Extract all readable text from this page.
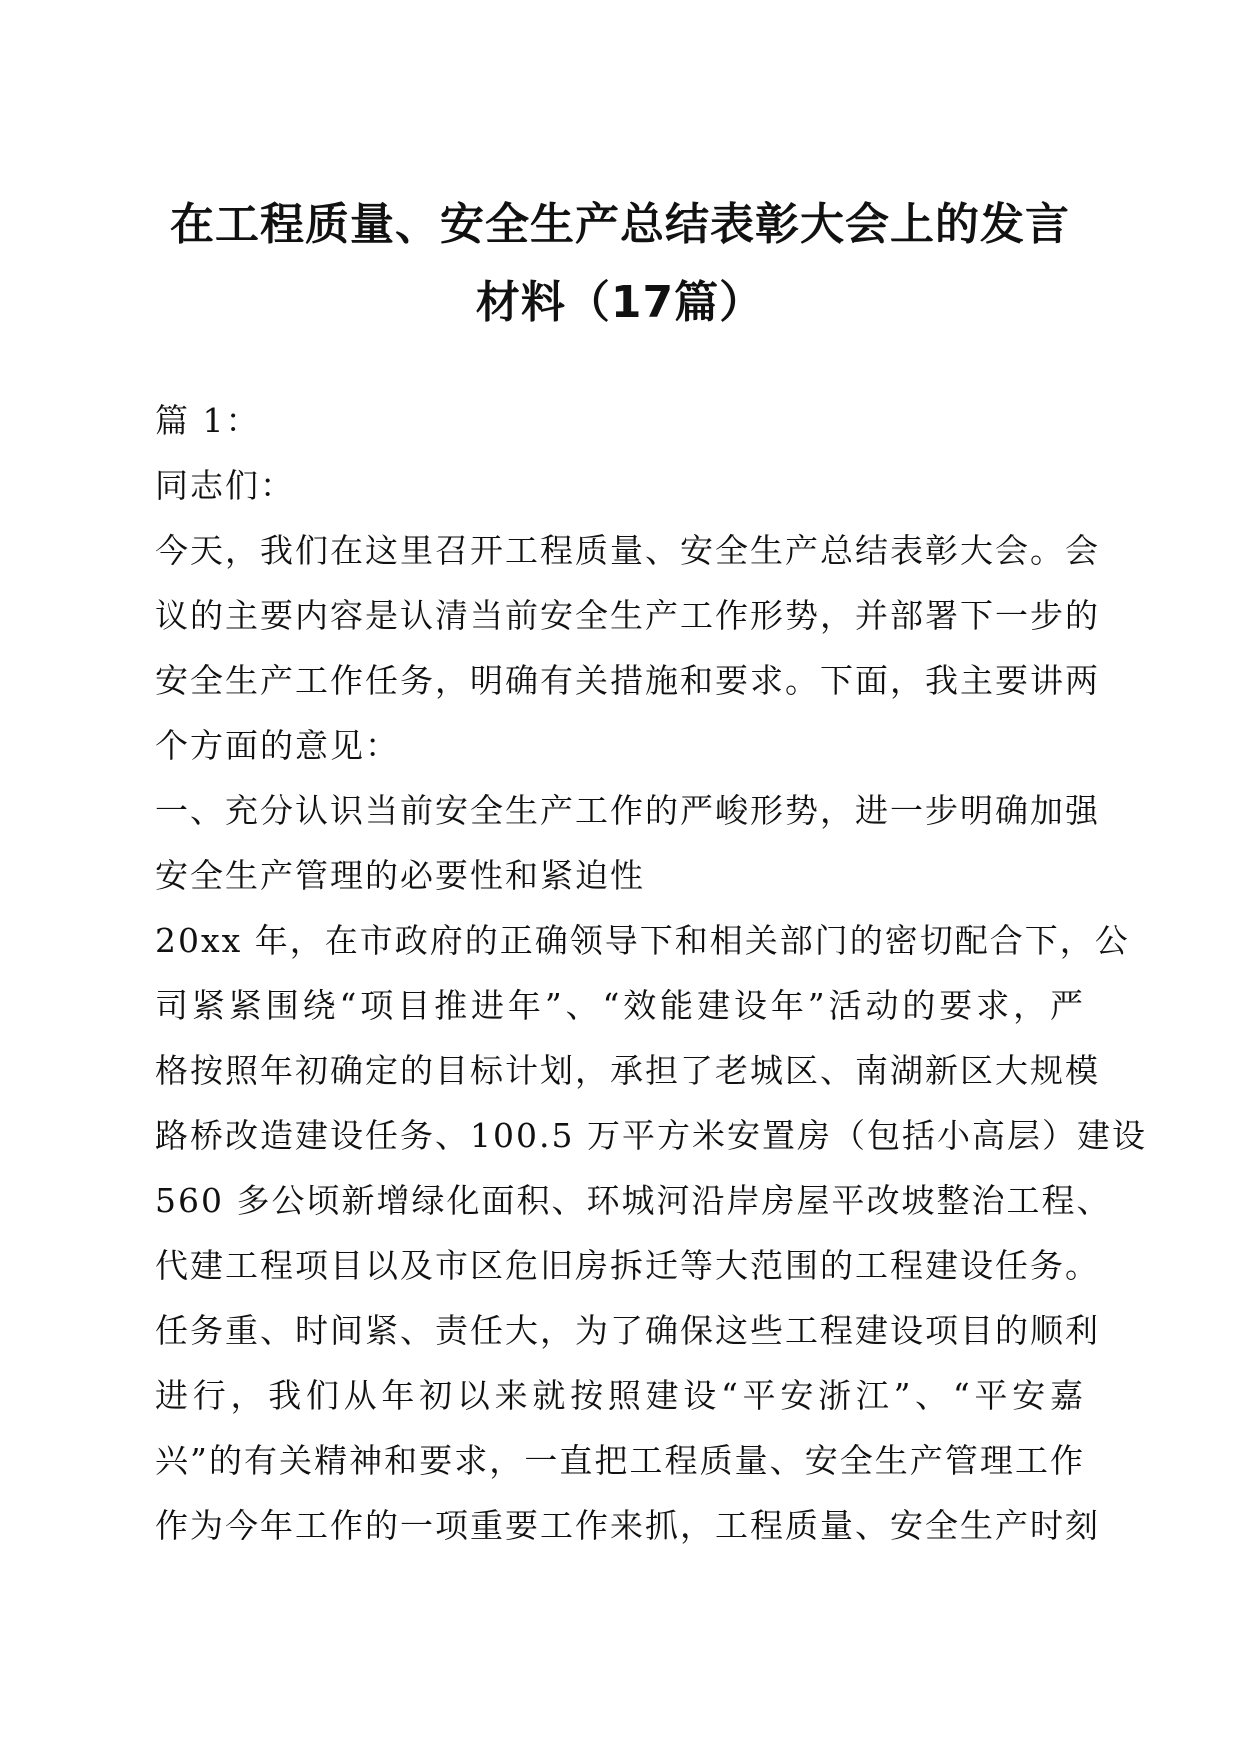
在工程质量、安全生产总结表彰大会上的发言
材料（17篇）
篇 1：
同志们：
今天，我们在这里召开工程质量、安全生产总结表彰大会。会
议的主要内容是认清当前安全生产工作形势，并部署下一步的
安全生产工作任务，明确有关措施和要求。下面，我主要讲两
个方面的意见：
一、充分认识当前安全生产工作的严峻形势，进一步明确加强
安全生产管理的必要性和紧迫性
20xx 年，在市政府的正确领导下和相关部门的密切配合下，公
司紧紧围绕“项目推进年”、“效能建设年”活动的要求，严
格按照年初确定的目标计划，承担了老城区、南湖新区大规模
路桥改造建设任务、100.5 万平方米安置房（包括小高层）建设
560 多公顷新增绿化面积、环城河沿岸房屋平改坡整治工程、
代建工程项目以及市区危旧房拆迁等大范围的工程建设任务。
任务重、时间紧、责任大，为了确保这些工程建设项目的顺利
进行，我们从年初以来就按照建设“平安浙江”、“平安嘉
兴”的有关精神和要求，一直把工程质量、安全生产管理工作
作为今年工作的一项重要工作来抓，工程质量、安全生产时刻
